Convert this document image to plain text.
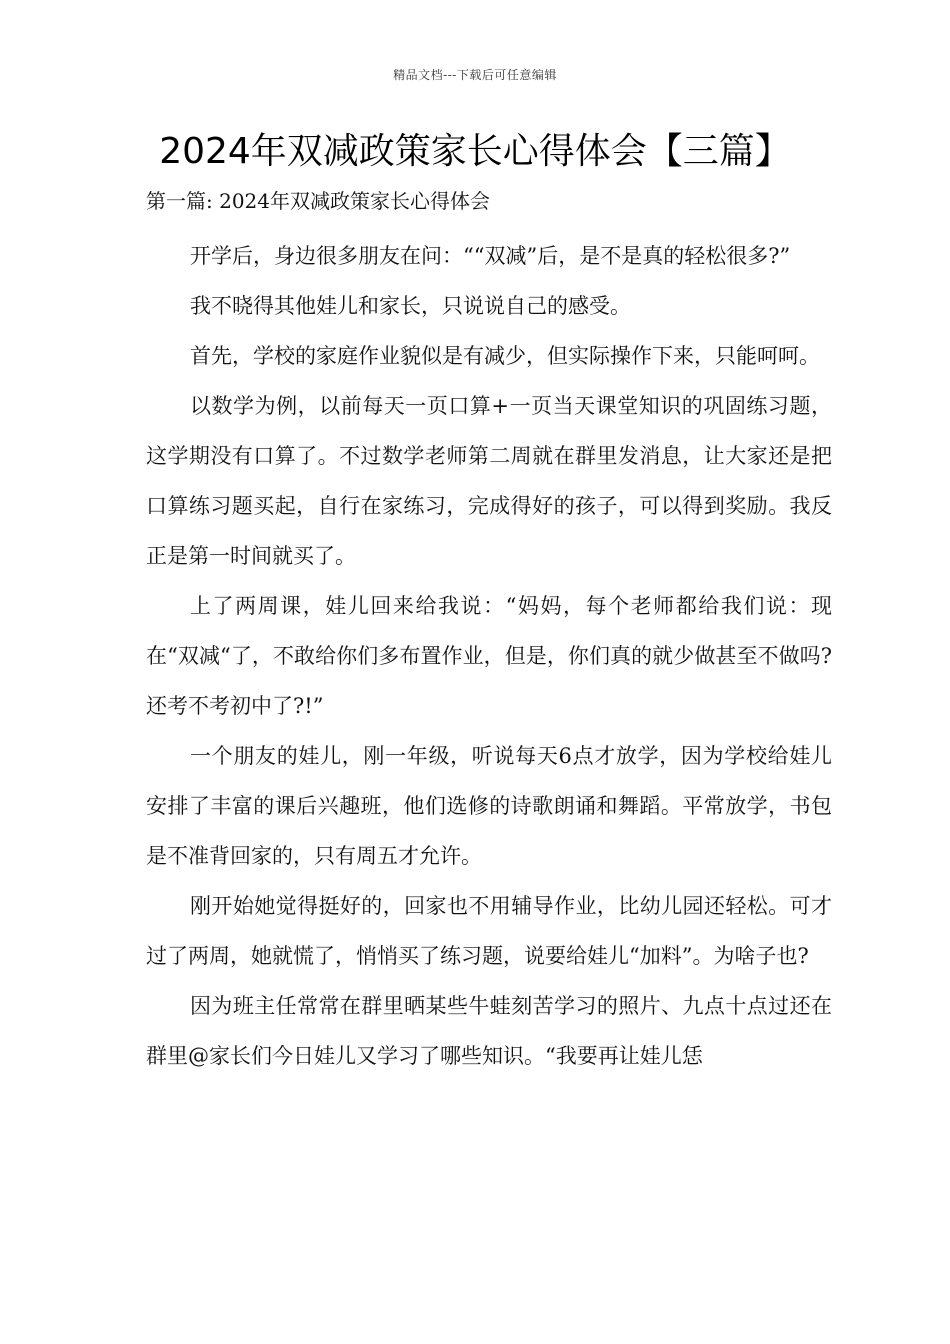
精品文档---下载后可任意编辑
2024年双减政策家长心得体会【三篇】

第一篇: 2024年双减政策家长心得体会

开学后，身边很多朋友在问：““双减”后，是不是真的轻松很多?”

我不晓得其他娃儿和家长，只说说自己的感受。

首先，学校的家庭作业貌似是有减少，但实际操作下来，只能呵呵。

以数学为例，以前每天一页口算+一页当天课堂知识的巩固练习题，这学期没有口算了。不过数学老师第二周就在群里发消息，让大家还是把口算练习题买起，自行在家练习，完成得好的孩子，可以得到奖励。我反正是第一时间就买了。

上了两周课，娃儿回来给我说：“妈妈，每个老师都给我们说：现在“双减“了，不敢给你们多布置作业，但是，你们真的就少做甚至不做吗?还考不考初中了?!”

一个朋友的娃儿，刚一年级，听说每天6点才放学，因为学校给娃儿安排了丰富的课后兴趣班，他们选修的诗歌朗诵和舞蹈。平常放学，书包是不准背回家的，只有周五才允许。

刚开始她觉得挺好的，回家也不用辅导作业，比幼儿园还轻松。可才过了两周，她就慌了，悄悄买了练习题，说要给娃儿“加料”。为啥子也?

因为班主任常常在群里晒某些牛蛙刻苦学习的照片、九点十点过还在群里@家长们今日娃儿又学习了哪些知识。“我要再让娃儿恁
